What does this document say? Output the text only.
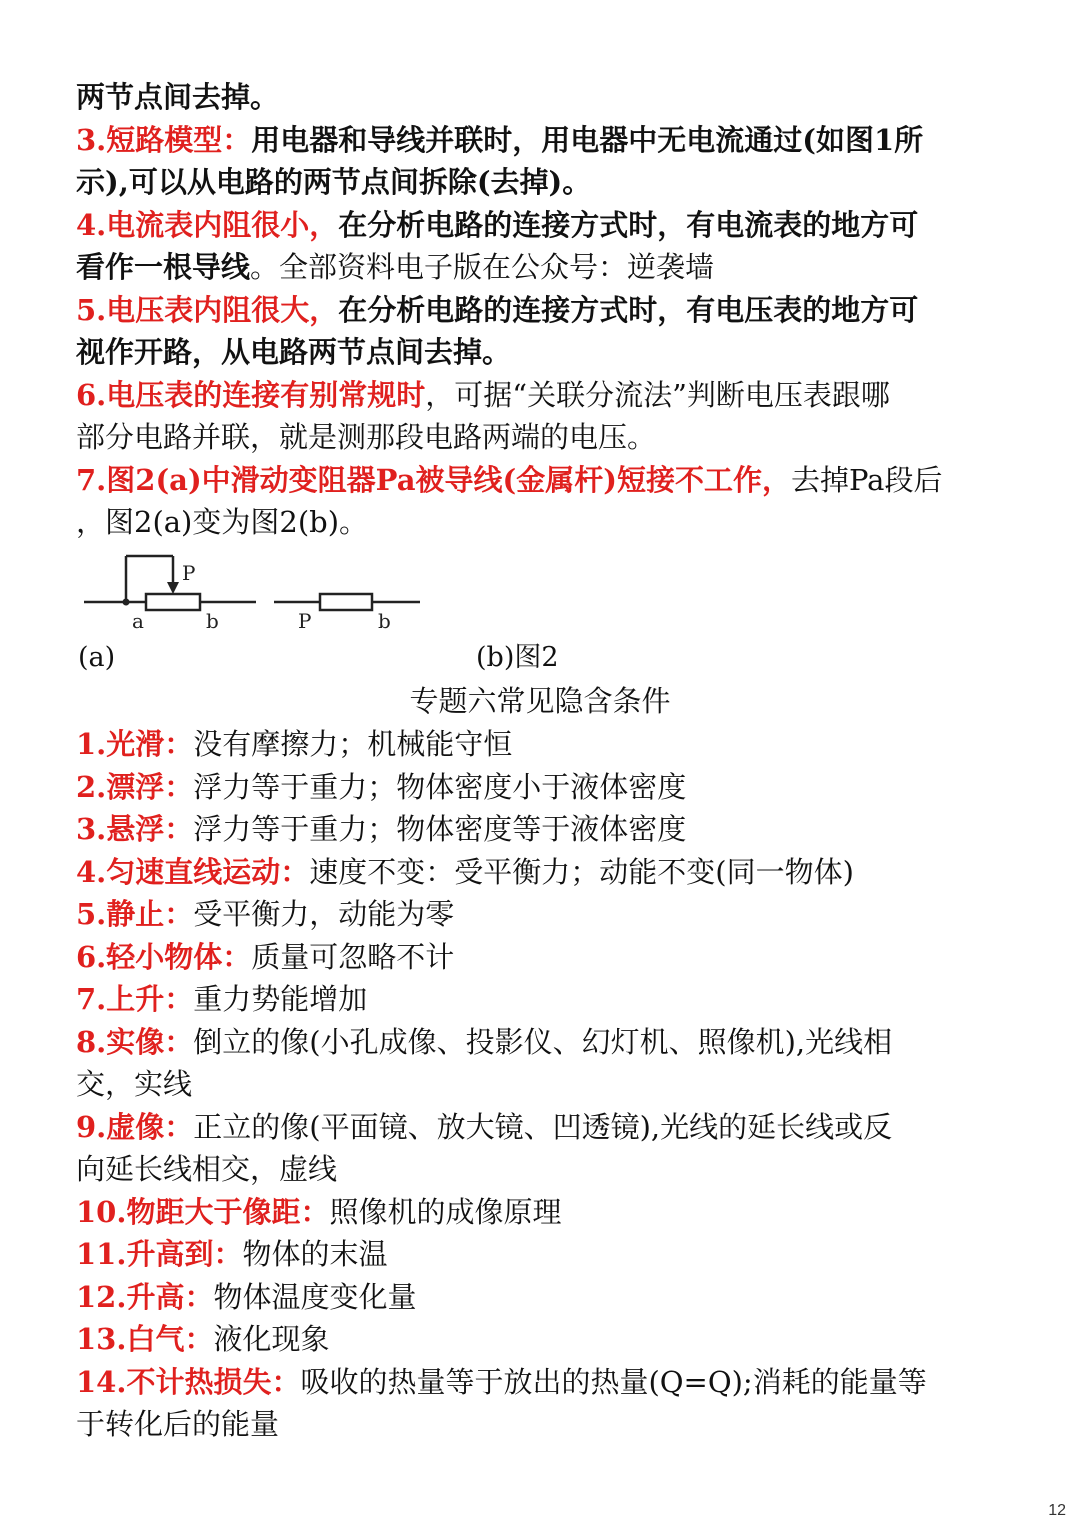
两节点间去掉。
3.短路模型：用电器和导线并联时，用电器中无电流通过(如图1所
示),可以从电路的两节点间拆除(去掉)。
4.电流表内阻很小，在分析电路的连接方式时，有电流表的地方可
看作一根导线。全部资料电子版在公众号：逆袭墙
5.电压表内阻很大，在分析电路的连接方式时，有电压表的地方可
视作开路，从电路两节点间去掉。
6.电压表的连接有别常规时，可据“关联分流法”判断电压表跟哪
部分电路并联，就是测那段电路两端的电压。
7.图2(a)中滑动变阻器Pa被导线(金属杆)短接不工作，去掉Pa段后
，图2(a)变为图2(b)。
P
a	b	P	b
(a)	(b)图2
专题六常见隐含条件
1.光滑：没有摩擦力；机械能守恒
2.漂浮：浮力等于重力；物体密度小于液体密度
3.悬浮：浮力等于重力；物体密度等于液体密度
4.匀速直线运动：速度不变：受平衡力；动能不变(同一物体)
5.静止：受平衡力，动能为零
6.轻小物体：质量可忽略不计
7.上升：重力势能增加
8.实像：倒立的像(小孔成像、投影仪、幻灯机、照像机),光线相
交，实线
9.虚像：正立的像(平面镜、放大镜、凹透镜),光线的延长线或反
向延长线相交，虚线
10.物距大于像距：照像机的成像原理
11.升高到：物体的末温
12.升高：物体温度变化量
13.白气：液化现象
14.不计热损失：吸收的热量等于放出的热量(Q=Q);消耗的能量等
于转化后的能量
12
